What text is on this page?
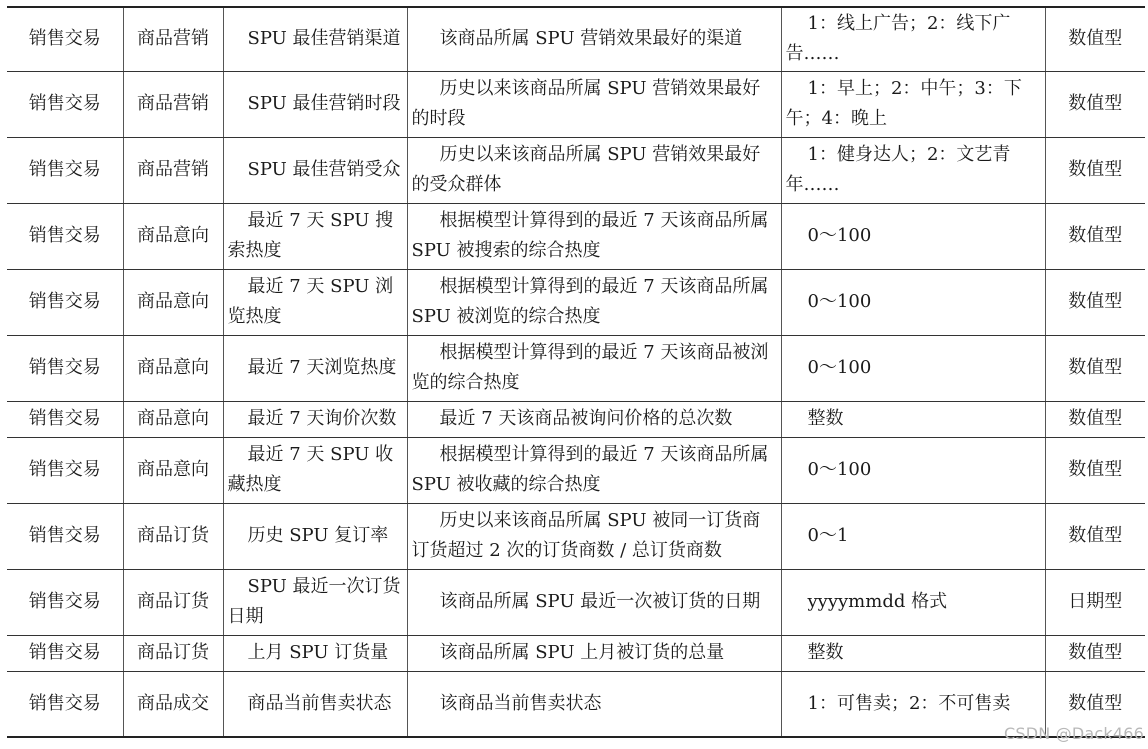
销售交易	商品营销	SPU 最佳营销渠道	该商品所属 SPU 营销效果最好的渠道	1：线上广告；2：线下广告……	数值型
销售交易	商品营销	SPU 最佳营销时段	历史以来该商品所属 SPU 营销效果最好的时段	1：早上；2：中午；3：下午；4：晚上	数值型
销售交易	商品营销	SPU 最佳营销受众	历史以来该商品所属 SPU 营销效果最好的受众群体	1：健身达人；2：文艺青年……	数值型
销售交易	商品意向	最近 7 天 SPU 搜索热度	根据模型计算得到的最近 7 天该商品所属 SPU 被搜索的综合热度	0～100	数值型
销售交易	商品意向	最近 7 天 SPU 浏览热度	根据模型计算得到的最近 7 天该商品所属 SPU 被浏览的综合热度	0～100	数值型
销售交易	商品意向	最近 7 天浏览热度	根据模型计算得到的最近 7 天该商品被浏览的综合热度	0～100	数值型
销售交易	商品意向	最近 7 天询价次数	最近 7 天该商品被询问价格的总次数	整数	数值型
销售交易	商品意向	最近 7 天 SPU 收藏热度	根据模型计算得到的最近 7 天该商品所属 SPU 被收藏的综合热度	0～100	数值型
销售交易	商品订货	历史 SPU 复订率	历史以来该商品所属 SPU 被同一订货商订货超过 2 次的订货商数 / 总订货商数	0～1	数值型
销售交易	商品订货	SPU 最近一次订货日期	该商品所属 SPU 最近一次被订货的日期	yyyymmdd 格式	日期型
销售交易	商品订货	上月 SPU 订货量	该商品所属 SPU 上月被订货的总量	整数	数值型
销售交易	商品成交	商品当前售卖状态	该商品当前售卖状态	1：可售卖；2：不可售卖	数值型
CSDN @Dack466
